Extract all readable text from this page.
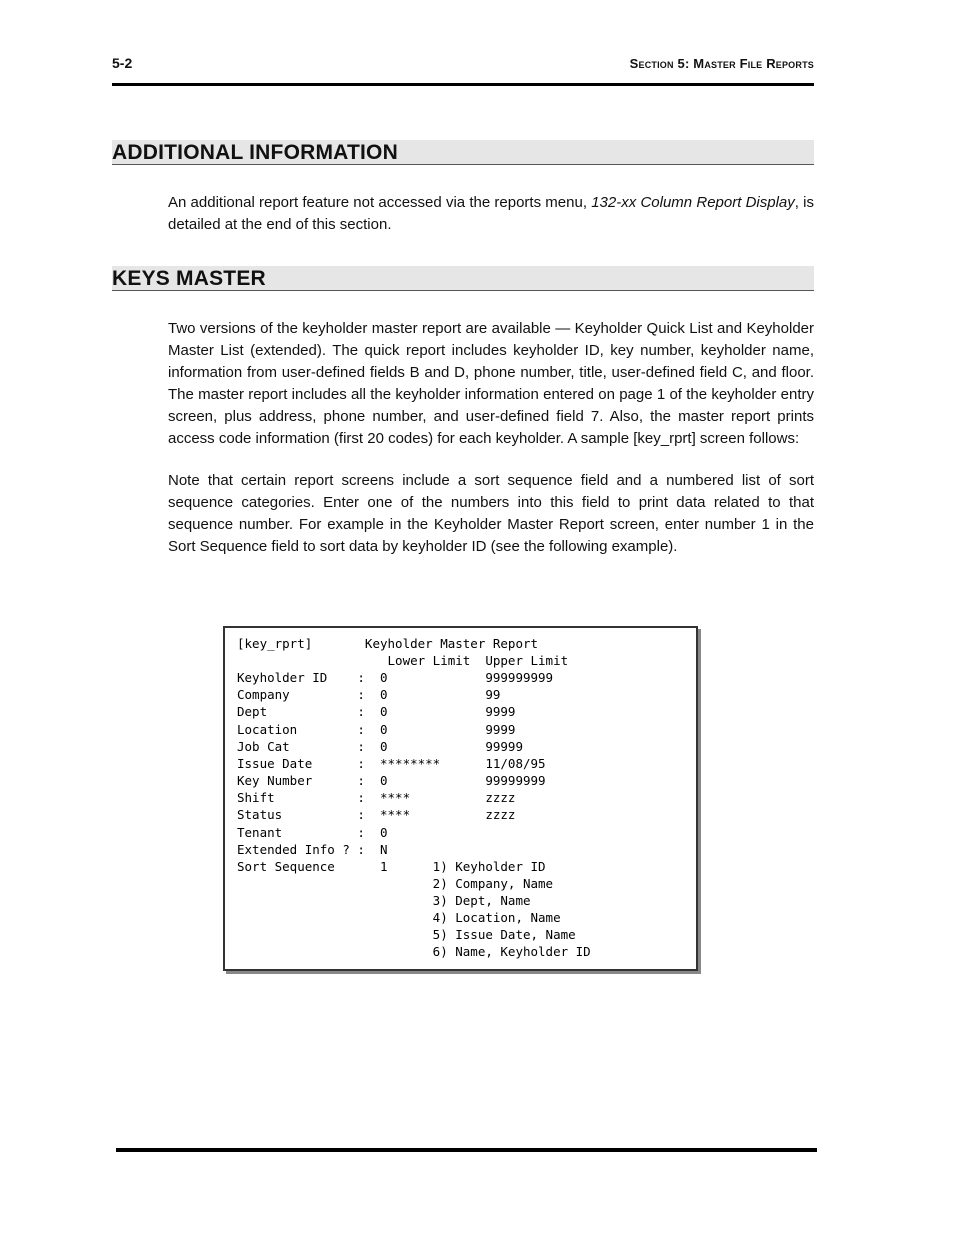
5-2	Section 5: Master File Reports
ADDITIONAL INFORMATION

An additional report feature not accessed via the reports menu, 132-xx Column Report Display, is detailed at the end of this section.

KEYS MASTER

Two versions of the keyholder master report are available — Keyholder Quick List and Keyholder Master List (extended). The quick report includes keyholder ID, key number, keyholder name, information from user-defined fields B and D, phone number, title, user-defined field C, and floor. The master report includes all the keyholder information entered on page 1 of the keyholder entry screen, plus address, phone number, and user-defined field 7. Also, the master report prints access code information (first 20 codes) for each keyholder. A sample [key_rprt] screen follows:

Note that certain report screens include a sort sequence field and a numbered list of sort sequence categories. Enter one of the numbers into this field to print data related to that sequence number. For example in the Keyholder Master Report screen, enter number 1 in the Sort Sequence field to sort data by keyholder ID (see the following example).

[key_rprt]       Keyholder Master Report
Lower Limit  Upper Limit
Keyholder ID    :  0             999999999
Company         :  0             99
Dept            :  0             9999
Location        :  0             9999
Job Cat         :  0             99999
Issue Date      :  ********      11/08/95
Key Number      :  0             99999999
Shift           :  ****          zzzz
Status          :  ****          zzzz
Tenant          :  0
Extended Info ? :  N
Sort Sequence      1      1) Keyholder ID
2) Company, Name
3) Dept, Name
4) Location, Name
5) Issue Date, Name
6) Name, Keyholder ID
